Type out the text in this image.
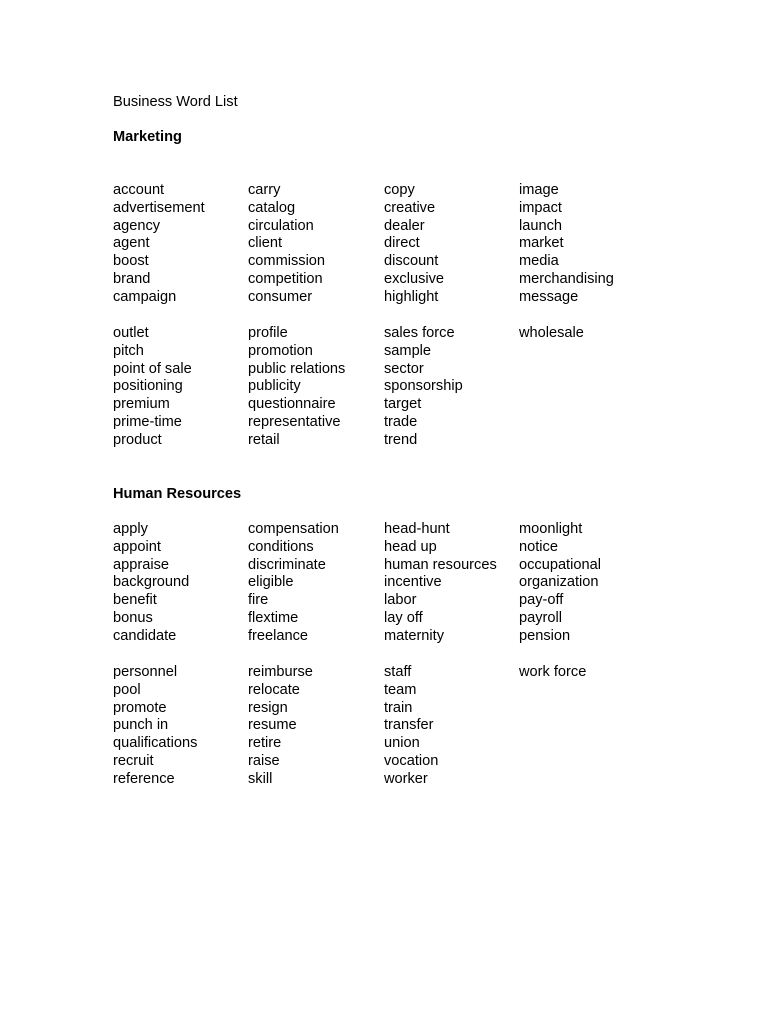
Business Word List
Marketing
account
advertisement
agency
agent
boost
brand
campaign
carry
catalog
circulation
client
commission
competition
consumer
copy
creative
dealer
direct
discount
exclusive
highlight
image
impact
launch
market
media
merchandising
message
outlet
pitch
point of sale
positioning
premium
prime-time
product
profile
promotion
public relations
publicity
questionnaire
representative
retail
sales force
sample
sector
sponsorship
target
trade
trend
wholesale
Human Resources
apply
appoint
appraise
background
benefit
bonus
candidate
compensation
conditions
discriminate
eligible
fire
flextime
freelance
head-hunt
head up
human resources
incentive
labor
lay off
maternity
moonlight
notice
occupational
organization
pay-off
payroll
pension
personnel
pool
promote
punch in
qualifications
recruit
reference
reimburse
relocate
resign
resume
retire
raise
skill
staff
team
train
transfer
union
vocation
worker
work force
